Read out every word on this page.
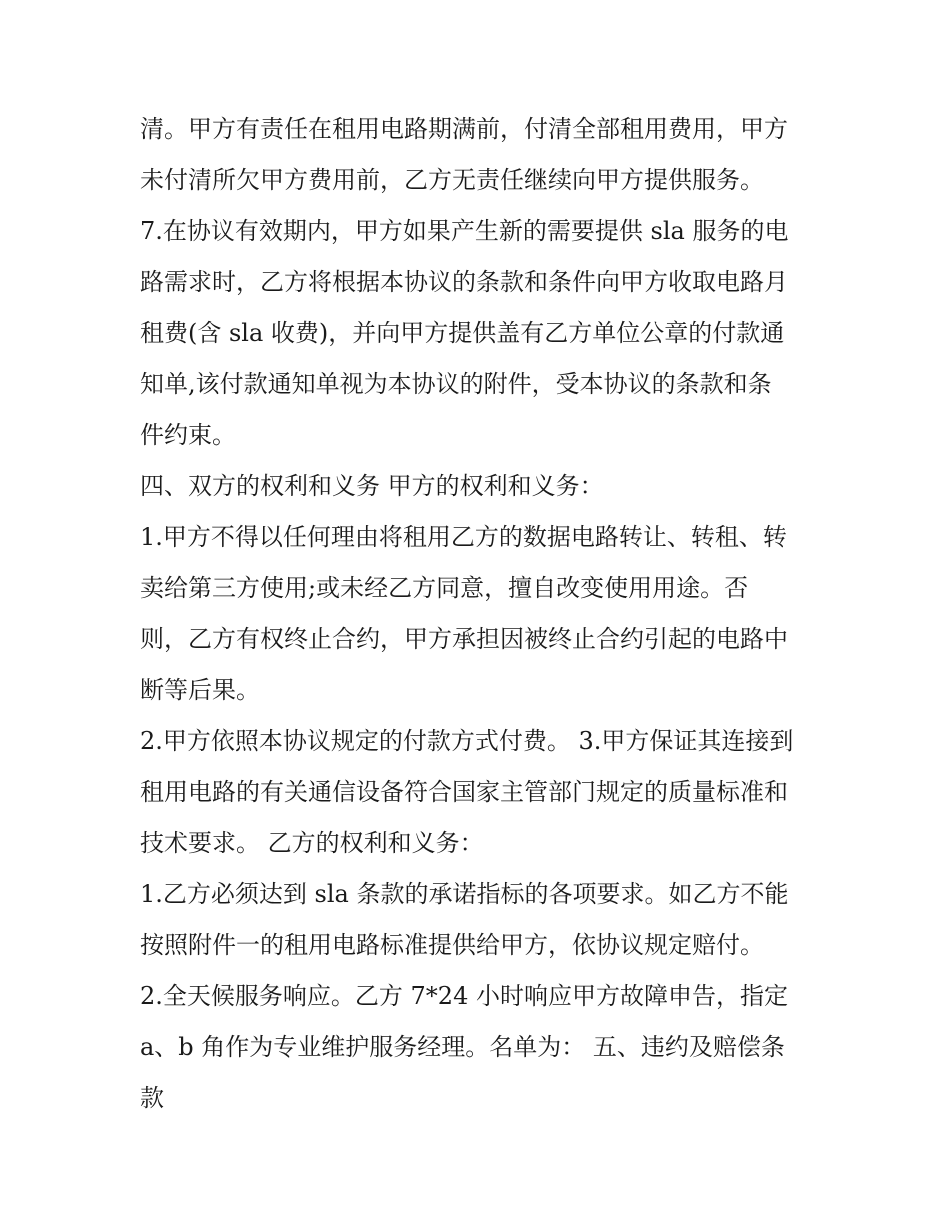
清。甲方有责任在租用电路期满前，付清全部租用费用，甲方
未付清所欠甲方费用前，乙方无责任继续向甲方提供服务。
7.在协议有效期内，甲方如果产生新的需要提供 sla 服务的电
路需求时，乙方将根据本协议的条款和条件向甲方收取电路月
租费(含 sla 收费)，并向甲方提供盖有乙方单位公章的付款通
知单,该付款通知单视为本协议的附件，受本协议的条款和条
件约束。
四、双方的权利和义务 甲方的权利和义务：
1.甲方不得以任何理由将租用乙方的数据电路转让、转租、转
卖给第三方使用;或未经乙方同意，擅自改变使用用途。否
则，乙方有权终止合约，甲方承担因被终止合约引起的电路中
断等后果。
2.甲方依照本协议规定的付款方式付费。 3.甲方保证其连接到
租用电路的有关通信设备符合国家主管部门规定的质量标准和
技术要求。 乙方的权利和义务：
1.乙方必须达到 sla 条款的承诺指标的各项要求。如乙方不能
按照附件一的租用电路标准提供给甲方，依协议规定赔付。
2.全天候服务响应。乙方 7*24 小时响应甲方故障申告，指定
a、b 角作为专业维护服务经理。名单为： 五、违约及赔偿条
款
